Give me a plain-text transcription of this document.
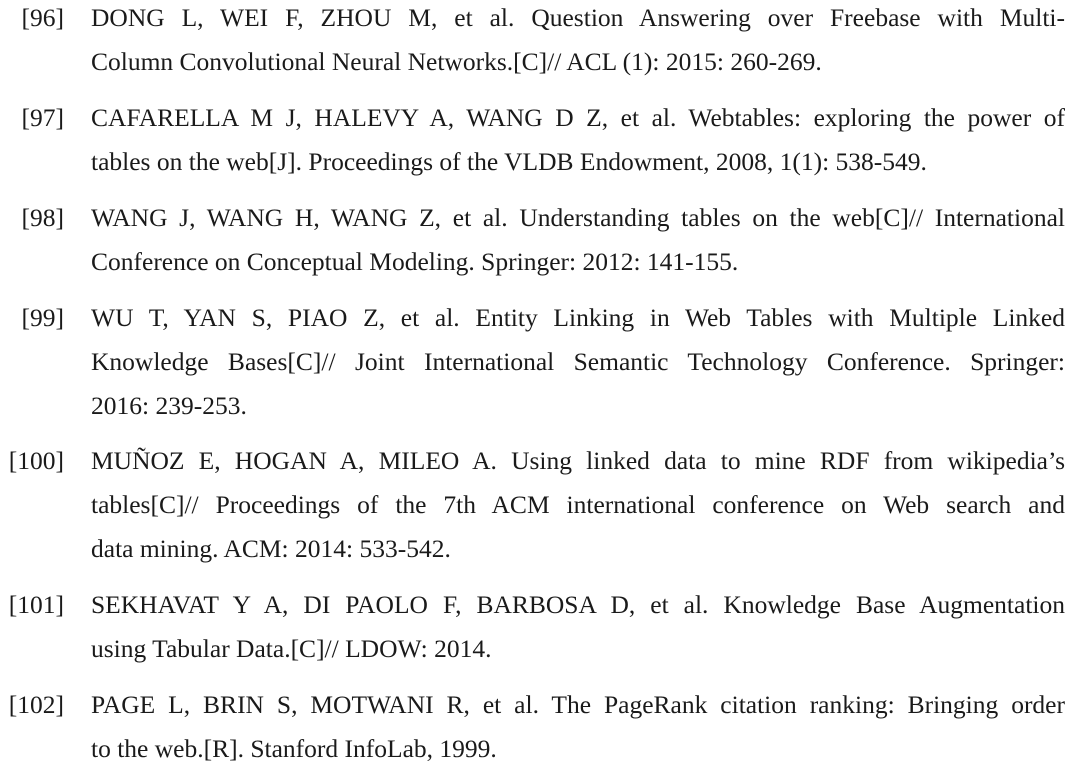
[96] DONG L, WEI F, ZHOU M, et al. Question Answering over Freebase with Multi-
Column Convolutional Neural Networks.[C]// ACL (1): 2015: 260-269.
[97] CAFARELLA M J, HALEVY A, WANG D Z, et al. Webtables: exploring the power of
tables on the web[J]. Proceedings of the VLDB Endowment, 2008, 1(1): 538-549.
[98] WANG J, WANG H, WANG Z, et al. Understanding tables on the web[C]// International
Conference on Conceptual Modeling. Springer: 2012: 141-155.
[99] WU T, YAN S, PIAO Z, et al. Entity Linking in Web Tables with Multiple Linked
Knowledge Bases[C]// Joint International Semantic Technology Conference. Springer:
2016: 239-253.
[100] MUÑOZ E, HOGAN A, MILEO A. Using linked data to mine RDF from wikipedia’s
tables[C]// Proceedings of the 7th ACM international conference on Web search and
data mining. ACM: 2014: 533-542.
[101] SEKHAVAT Y A, DI PAOLO F, BARBOSA D, et al. Knowledge Base Augmentation
using Tabular Data.[C]// LDOW: 2014.
[102] PAGE L, BRIN S, MOTWANI R, et al. The PageRank citation ranking: Bringing order
to the web.[R]. Stanford InfoLab, 1999.
